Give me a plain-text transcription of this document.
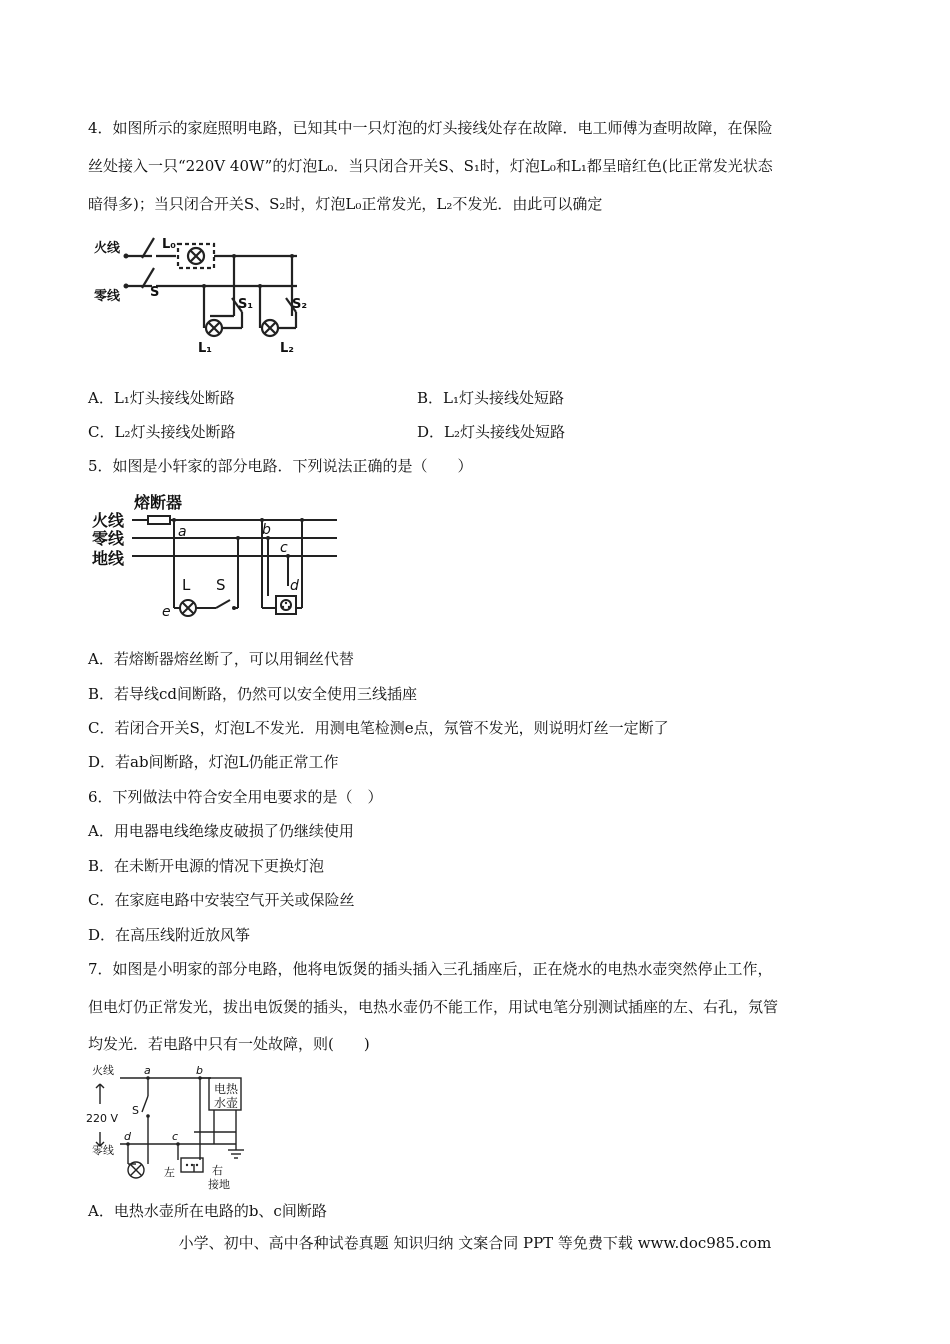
4．如图所示的家庭照明电路，已知其中一只灯泡的灯头接线处存在故障．电工师傅为查明故障，在保险
丝处接入一只“220V 40W”的灯泡L₀．当只闭合开关S、S₁时，灯泡L₀和L₁都呈暗红色(比正常发光状态
暗得多)；当只闭合开关S、S₂时，灯泡L₀正常发光，L₂不发光．由此可以确定
火线
零线 S
L₀
S₁	S₂
L₁	L₂
A．L₁灯头接线处断路	B．L₁灯头接线处短路
C．L₂灯头接线处断路	D．L₂灯头接线处短路
5．如图是小轩家的部分电路．下列说法正确的是（　　）
熔断器
火线
零线
地线
a	b
c
d
e
L S
A．若熔断器熔丝断了，可以用铜丝代替
B．若导线cd间断路，仍然可以安全使用三线插座
C．若闭合开关S，灯泡L不发光．用测电笔检测e点，氖管不发光，则说明灯丝一定断了
D．若ab间断路，灯泡L仍能正常工作
6．下列做法中符合安全用电要求的是（　）
A．用电器电线绝缘皮破损了仍继续使用
B．在未断开电源的情况下更换灯泡
C．在家庭电路中安装空气开关或保险丝
D．在高压线附近放风筝
7．如图是小明家的部分电路，他将电饭煲的插头插入三孔插座后，正在烧水的电热水壶突然停止工作，
但电灯仍正常发光，拔出电饭煲的插头，电热水壶仍不能工作，用试电笔分别测试插座的左、右孔，氖管
均发光．若电路中只有一处故障，则(　　)
火线
220 V
零线
电热
水壶
左	右
接地
S
a	b
c
d
A．电热水壶所在电路的b、c间断路
小学、初中、高中各种试卷真题 知识归纳 文案合同 PPT 等免费下载 www.doc985.com
